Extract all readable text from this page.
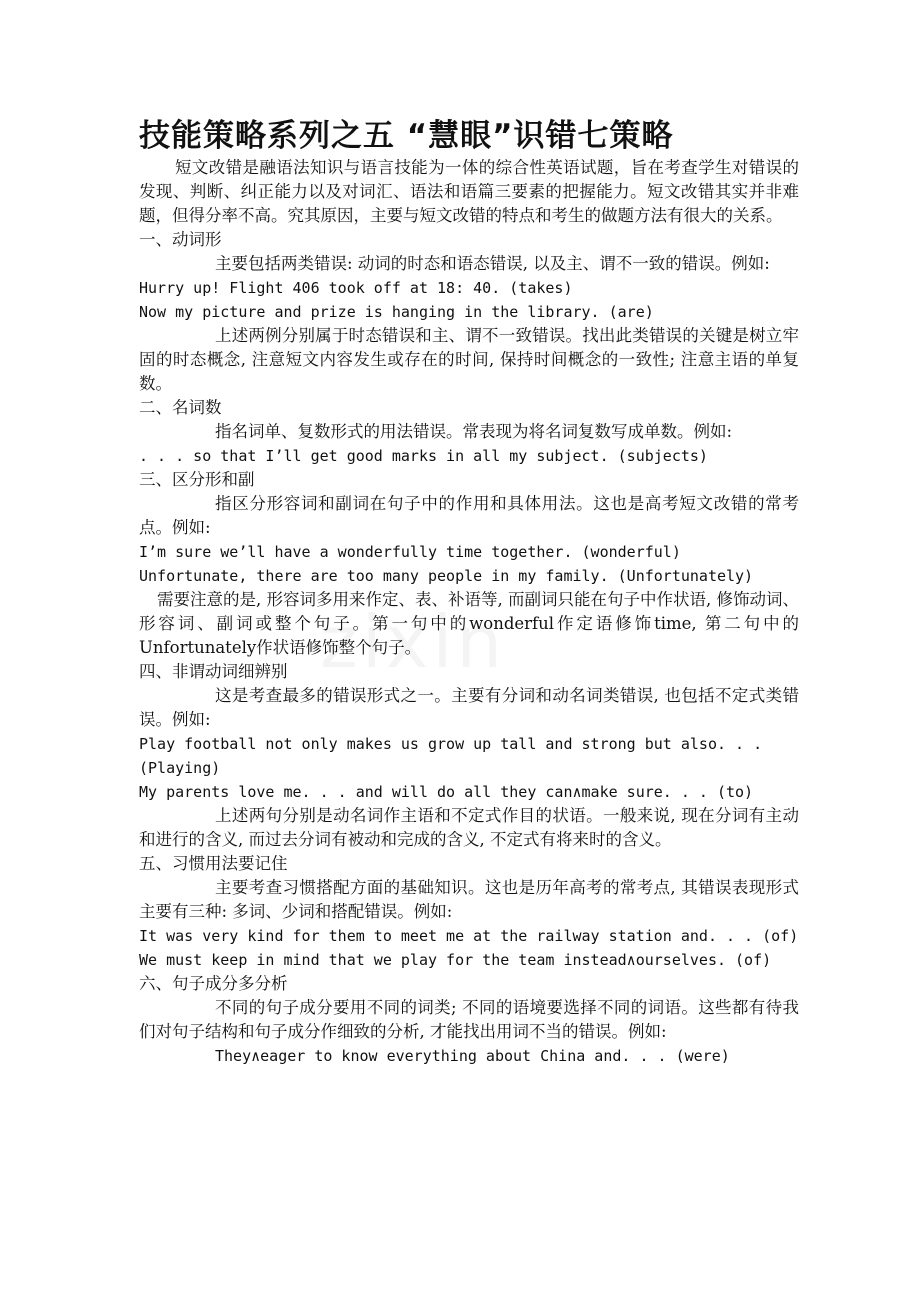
技能策略系列之五 “慧眼”识错七策略

短文改错是融语法知识与语言技能为一体的综合性英语试题，旨在考查学生对错误的发现、判断、纠正能力以及对词汇、语法和语篇三要素的把握能力。短文改错其实并非难题，但得分率不高。究其原因，主要与短文改错的特点和考生的做题方法有很大的关系。

一、动词形

主要包括两类错误: 动词的时态和语态错误, 以及主、谓不一致的错误。例如:

Hurry up! Flight 406 took off at 18: 40. (takes)

Now my picture and prize is hanging in the library. (are)

上述两例分别属于时态错误和主、谓不一致错误。找出此类错误的关键是树立牢固的时态概念, 注意短文内容发生或存在的时间, 保持时间概念的一致性; 注意主语的单复数。

二、名词数

指名词单、复数形式的用法错误。常表现为将名词复数写成单数。例如:

. . . so that I’ll get good marks in all my subject. (subjects)

三、区分形和副

指区分形容词和副词在句子中的作用和具体用法。这也是高考短文改错的常考点。例如:

I’m sure we’ll have a wonderfully time together. (wonderful)

Unfortunate, there are too many people in my family. (Unfortunately)

需要注意的是, 形容词多用来作定、表、补语等, 而副词只能在句子中作状语, 修饰动词、形容词、副词或整个句子。第一句中的wonderful作定语修饰time, 第二句中的Unfortunately作状语修饰整个句子。

四、非谓动词细辨别

这是考查最多的错误形式之一。主要有分词和动名词类错误, 也包括不定式类错误。例如:

Play football not only makes us grow up tall and strong but also. . .

(Playing)

My parents love me. . . and will do all they can∧make sure. . . (to)

上述两句分别是动名词作主语和不定式作目的状语。一般来说, 现在分词有主动和进行的含义, 而过去分词有被动和完成的含义, 不定式有将来时的含义。

五、习惯用法要记住

主要考查习惯搭配方面的基础知识。这也是历年高考的常考点, 其错误表现形式主要有三种: 多词、少词和搭配错误。例如:

It was very kind for them to meet me at the railway station and. . . (of)

We must keep in mind that we play for the team instead∧ourselves. (of)

六、句子成分多分析

不同的句子成分要用不同的词类; 不同的语境要选择不同的词语。这些都有待我们对句子结构和句子成分作细致的分析, 才能找出用词不当的错误。例如:

They∧eager to know everything about China and. . . (were)
